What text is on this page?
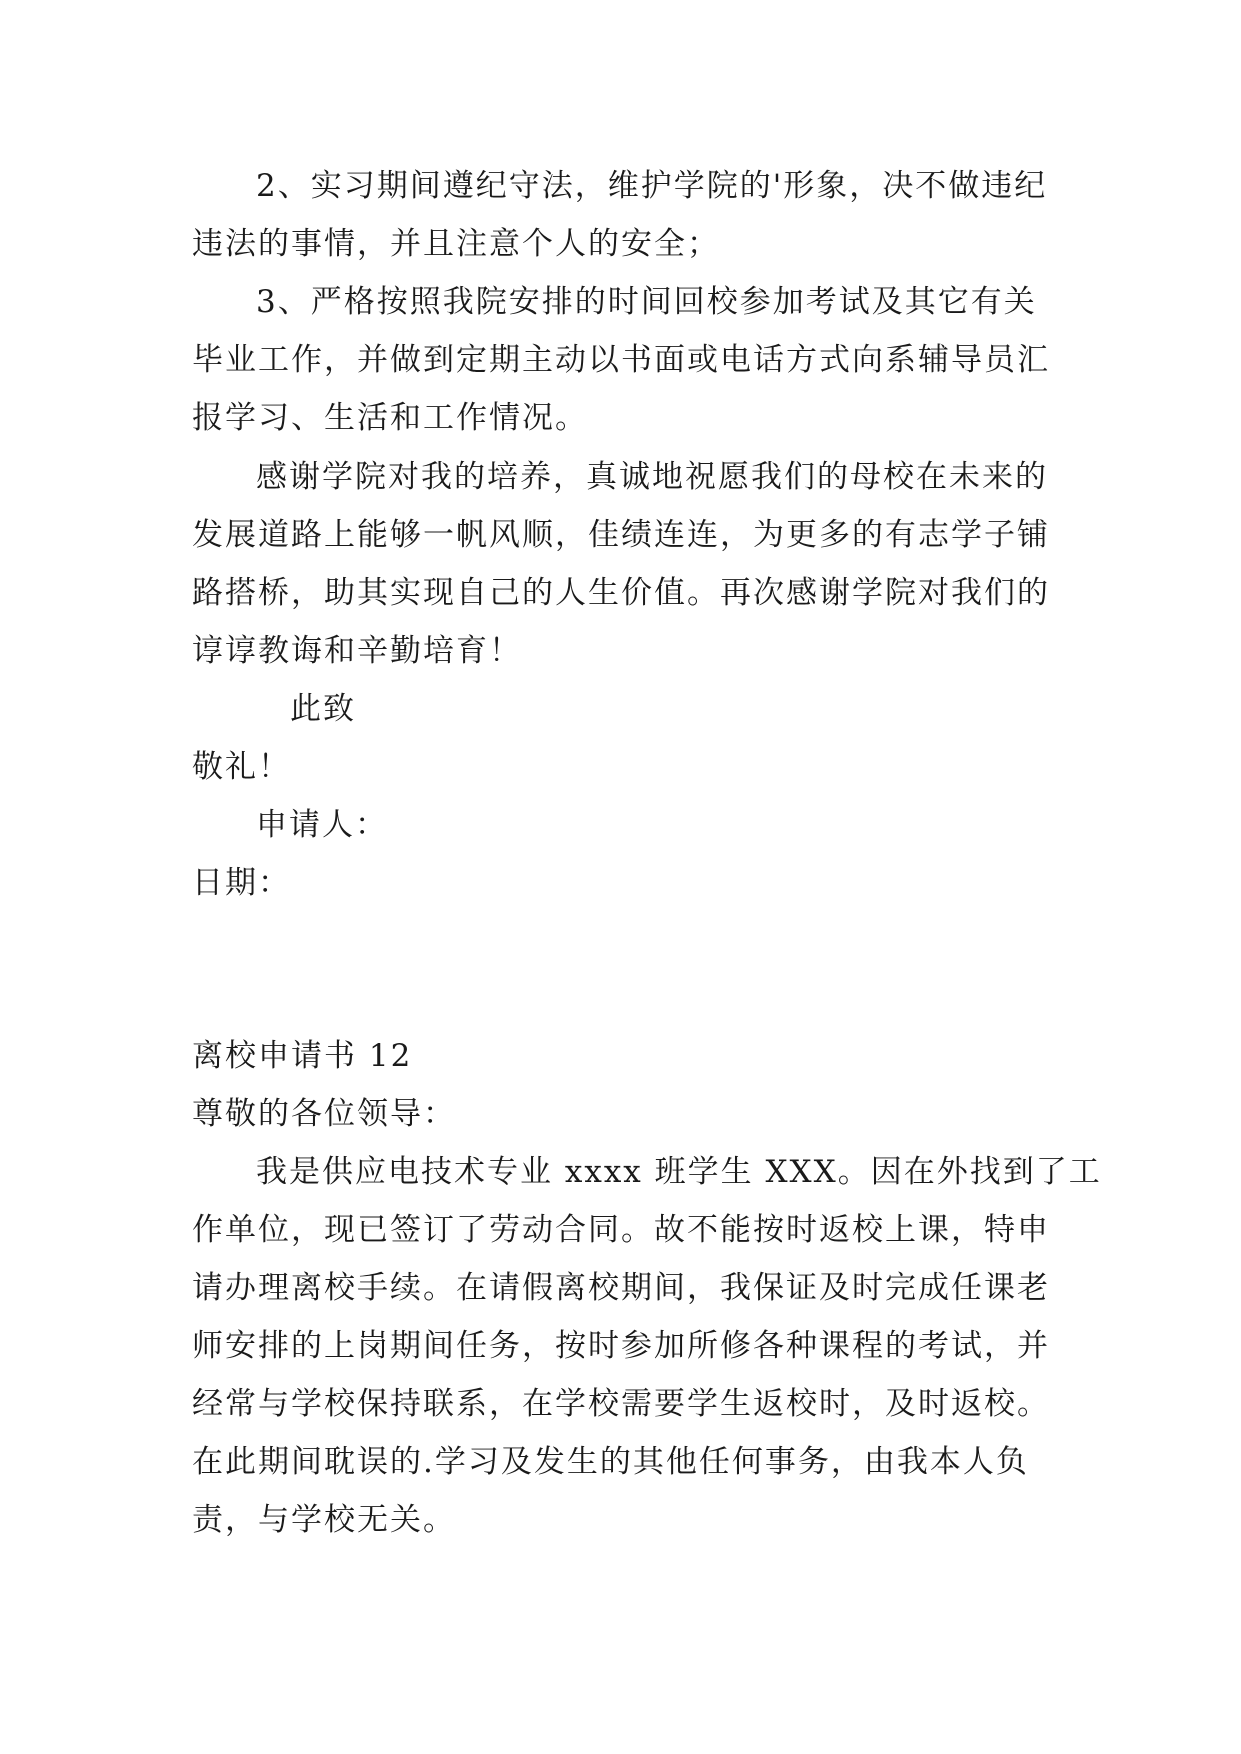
2、实习期间遵纪守法，维护学院的'形象，决不做违纪
违法的事情，并且注意个人的安全；
3、严格按照我院安排的时间回校参加考试及其它有关
毕业工作，并做到定期主动以书面或电话方式向系辅导员汇
报学习、生活和工作情况。
感谢学院对我的培养，真诚地祝愿我们的母校在未来的
发展道路上能够一帆风顺，佳绩连连，为更多的有志学子铺
路搭桥，助其实现自己的人生价值。再次感谢学院对我们的
谆谆教诲和辛勤培育！
此致
敬礼！
申请人：
日期：
离校申请书 12
尊敬的各位领导：
我是供应电技术专业 xxxx 班学生 XXX。因在外找到了工
作单位，现已签订了劳动合同。故不能按时返校上课，特申
请办理离校手续。在请假离校期间，我保证及时完成任课老
师安排的上岗期间任务，按时参加所修各种课程的考试，并
经常与学校保持联系，在学校需要学生返校时，及时返校。
在此期间耽误的.学习及发生的其他任何事务，由我本人负
责，与学校无关。
